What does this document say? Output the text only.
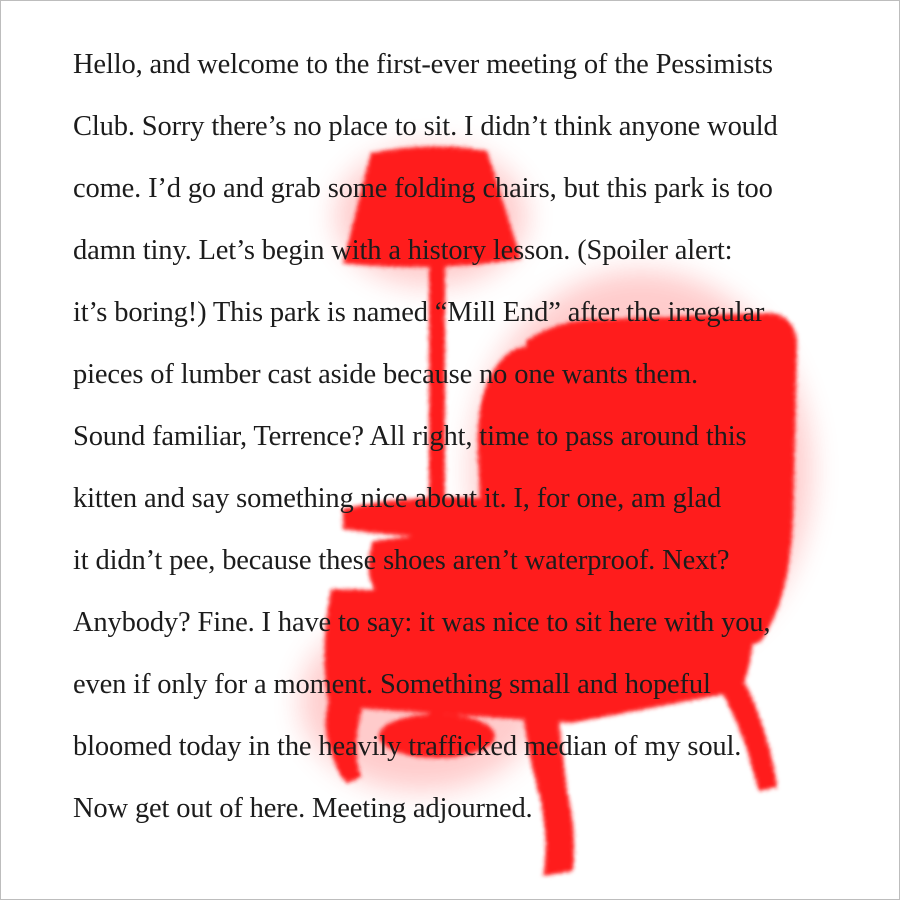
Hello, and welcome to the first-ever meeting of the Pessimists
Club. Sorry there’s no place to sit. I didn’t think anyone would
come. I’d go and grab some folding chairs, but this park is too
damn tiny. Let’s begin with a history lesson. (Spoiler alert:
it’s boring!) This park is named “Mill End” after the irregular
pieces of lumber cast aside because no one wants them.
Sound familiar, Terrence? All right, time to pass around this
kitten and say something nice about it. I, for one, am glad
it didn’t pee, because these shoes aren’t waterproof. Next?
Anybody? Fine. I have to say: it was nice to sit here with you,
even if only for a moment. Something small and hopeful
bloomed today in the heavily trafficked median of my soul.
Now get out of here. Meeting adjourned.
